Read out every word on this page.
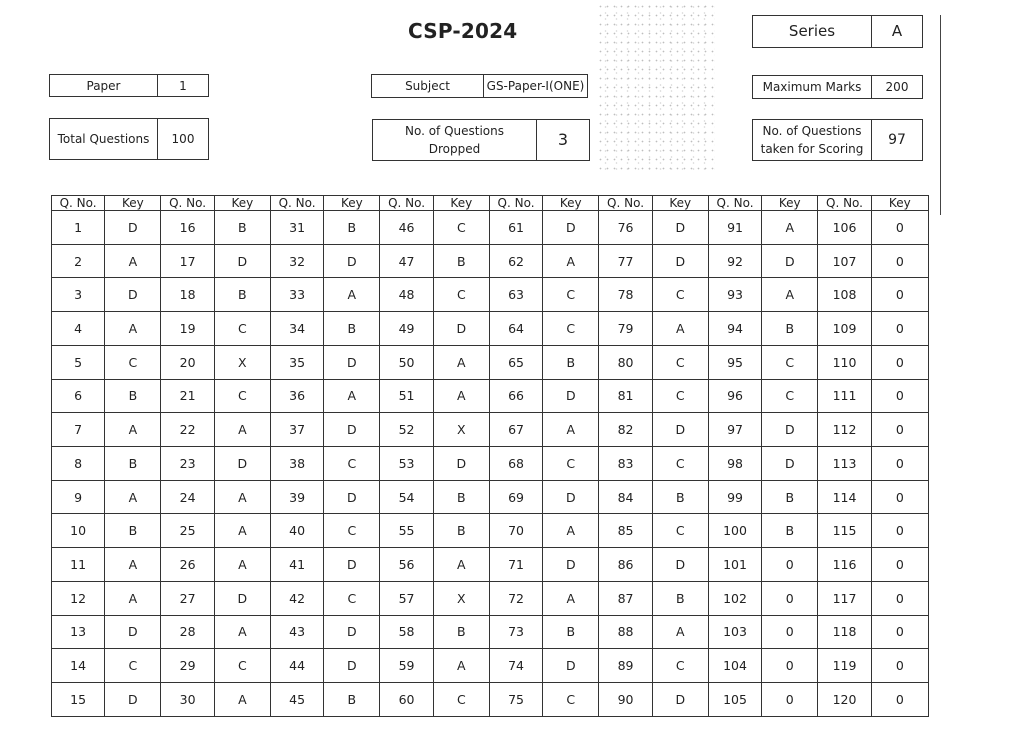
CSP-2024	Series	A
Paper	1	Subject	GS-Paper-I(ONE)	Maximum Marks	200
Total Questions	100
No. of Questions
Dropped	3	No. of Questions
taken for Scoring
97
Q. No.	Key	Q. No.	Key	Q. No.	Key	Q. No.	Key	Q. No.	Key	Q. No.	Key	Q. No.	Key	Q. No.	Key
1	D	16	B	31	B	46	C	61	D	76	D	91	A	106	0
2	A	17	D	32	D	47	B	62	A	77	D	92	D	107	0
3	D	18	B	33	A	48	C	63	C	78	C	93	A	108	0
4	A	19	C	34	B	49	D	64	C	79	A	94	B	109	0
5	C	20	X	35	D	50	A	65	B	80	C	95	C	110	0
6	B	21	C	36	A	51	A	66	D	81	C	96	C	111	0
7	A	22	A	37	D	52	X	67	A	82	D	97	D	112	0
8	B	23	D	38	C	53	D	68	C	83	C	98	D	113	0
9	A	24	A	39	D	54	B	69	D	84	B	99	B	114	0
10	B	25	A	40	C	55	B	70	A	85	C	100	B	115	0
11	A	26	A	41	D	56	A	71	D	86	D	101	0	116	0
12	A	27	D	42	C	57	X	72	A	87	B	102	0	117	0
13	D	28	A	43	D	58	B	73	B	88	A	103	0	118	0
14	C	29	C	44	D	59	A	74	D	89	C	104	0	119	0
15	D	30	A	45	B	60	C	75	C	90	D	105	0	120	0
